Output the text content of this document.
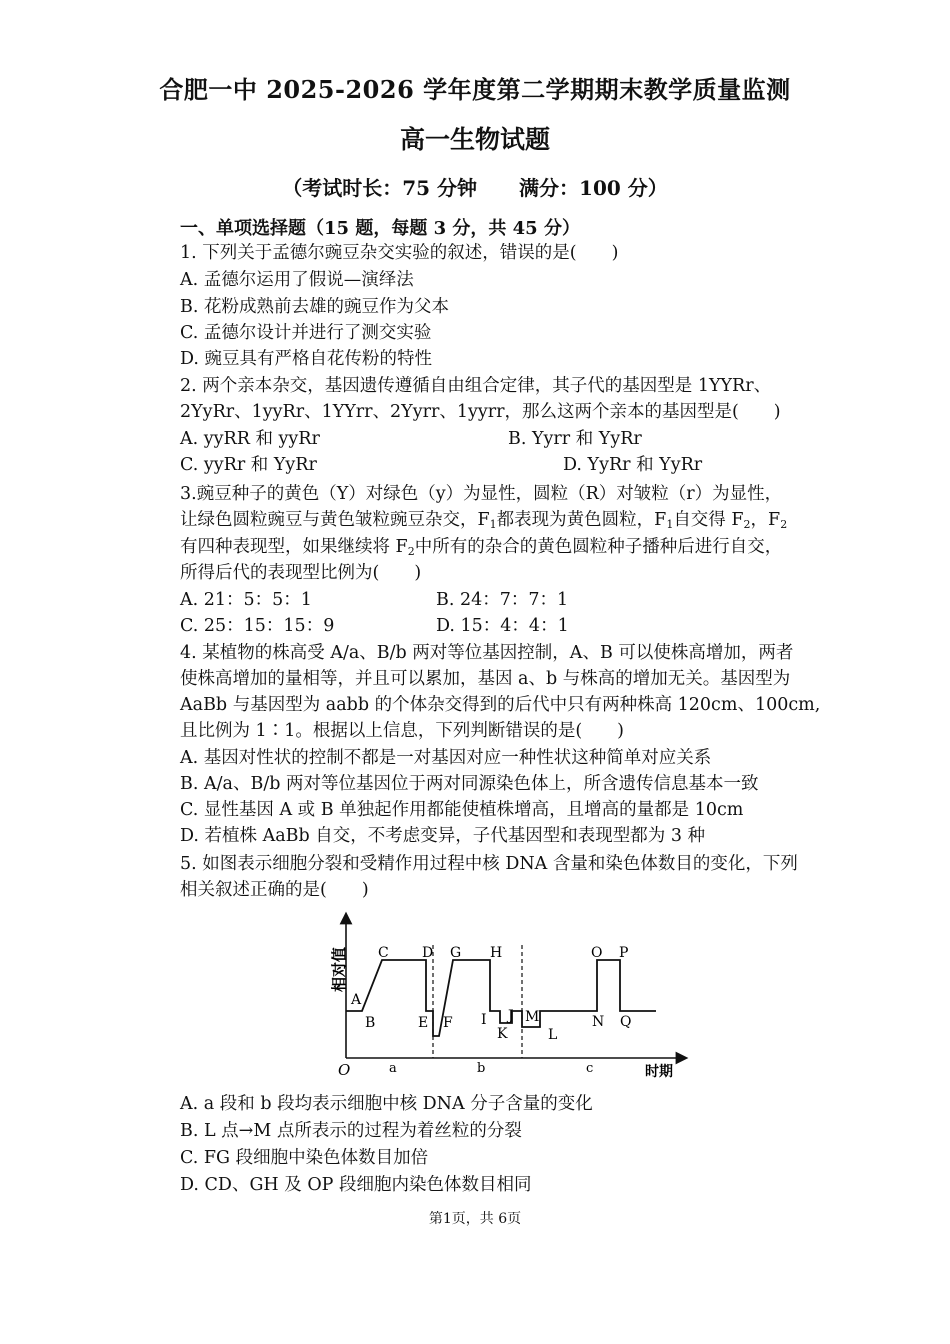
合肥一中 2025-2026 学年度第二学期期末教学质量监测
高一生物试题
（考试时长：75 分钟 满分：100 分）
一、单项选择题（15 题，每题 3 分，共 45 分）
1. 下列关于孟德尔豌豆杂交实验的叙述，错误的是(　　)
A. 孟德尔运用了假说—演绎法
B. 花粉成熟前去雄的豌豆作为父本
C. 孟德尔设计并进行了测交实验
D. 豌豆具有严格自花传粉的特性
2. 两个亲本杂交，基因遗传遵循自由组合定律，其子代的基因型是 1YYRr、
2YyRr、1yyRr、1YYrr、2Yyrr、1yyrr，那么这两个亲本的基因型是(　　)
A. yyRR 和 yyRr	B. Yyrr 和 YyRr
C. yyRr 和 YyRr	D. YyRr 和 YyRr
3.豌豆种子的黄色（Y）对绿色（y）为显性，圆粒（R）对皱粒（r）为显性，
让绿色圆粒豌豆与黄色皱粒豌豆杂交，$F_1$都表现为黄色圆粒，$F_1$自交得 $F_2$，$F_2$
有四种表现型，如果继续将 $F_2$中所有的杂合的黄色圆粒种子播种后进行自交，
所得后代的表现型比例为(　　)
A. 21：5：5：1	B. 24：7：7：1
C. 25：15：15：9	D. 15：4：4：1
4. 某植物的株高受 A/a、B/b 两对等位基因控制，A、B 可以使株高增加，两者
使株高增加的量相等，并且可以累加，基因 a、b 与株高的增加无关。基因型为
AaBb 与基因型为 aabb 的个体杂交得到的后代中只有两种株高 120cm、100cm,
且比例为 1∶1。根据以上信息，下列判断错误的是(　　)
A. 基因对性状的控制不都是一对基因对应一种性状这种简单对应关系
B. A/a、B/b 两对等位基因位于两对同源染色体上，所含遗传信息基本一致
C. 显性基因 A 或 B 单独起作用都能使植株增高，且增高的量都是 10cm
D. 若植株 AaBb 自交，不考虑变异，子代基因型和表现型都为 3 种
5. 如图表示细胞分裂和受精作用过程中核 DNA 含量和染色体数目的变化，下列
相关叙述正确的是(　　)
相对值
时期
O	a	b	c
A
B
C D
E F
G H
I J
K
M
L
N
O P
Q
A. a 段和 b 段均表示细胞中核 DNA 分子含量的变化
B. L 点→M 点所表示的过程为着丝粒的分裂
C. FG 段细胞中染色体数目加倍
D. CD、GH 及 OP 段细胞内染色体数目相同
第1页，共 6页
